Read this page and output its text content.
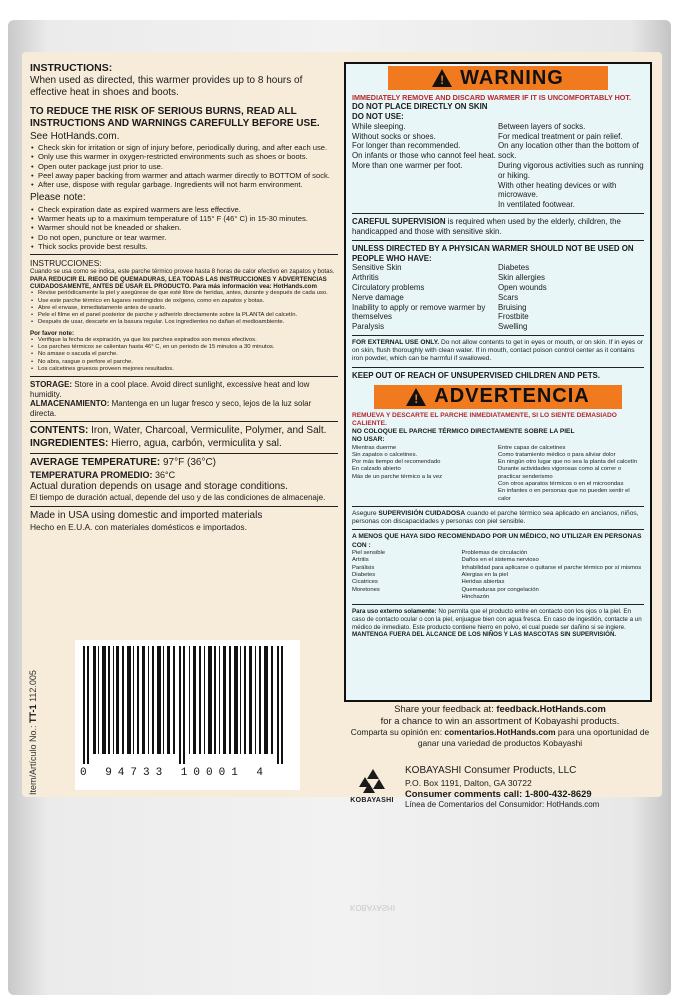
INSTRUCTIONS:

When used as directed, this warmer provides up to 8 hours of effective heat in shoes and boots.

TO REDUCE THE RISK OF SERIOUS BURNS, READ ALL INSTRUCTIONS AND WARNINGS CAREFULLY BEFORE USE. See HotHands.com.

• Check skin for irritation or sign of injury before, periodically during, and after each use.
• Only use this warmer in oxygen-restricted environments such as shoes or boots.
• Open outer package just prior to use.
• Peel away paper backing from warmer and attach warmer directly to BOTTOM of sock.
• After use, dispose with regular garbage. Ingredients will not harm environment.

Please note:

• Check expiration date as expired warmers are less effective.
• Warmer heats up to a maximum temperature of 115° F (46° C) in 15-30 minutes.
• Warmer should not be kneaded or shaken.
• Do not open, puncture or tear warmer.
• Thick socks provide best results.

INSTRUCCIONES:

Cuando se usa como se indica, este parche térmico provee hasta 8 horas de calor efectivo en zapatos y botas.

PARA REDUCIR EL RIEGO DE QUEMADURAS, LEA TODAS LAS INSTRUCCIONES Y ADVERTENCIAS CUIDADOSAMENTE, ANTES DE USAR EL PRODUCTO. Para más información vea: HotHands.com

• Revise periódicamente la piel y asegúrese de que esté libre de heridas, antes, durante y después de cada uso.
• Use este parche térmico en lugares restringidos de oxígeno, como en zapatos y botas.
• Abre el envase, inmediatamente antes de usarlo.
• Pele el filme en el panel posterior de parche y adherirlo directamente sobre la PLANTA del calcetín.
• Después de usar, descarte en la basura regular. Los ingredientes no dañan el medioambiente.

Por favor note:

• Verifique la fecha de expiración, ya que los parches expirados son menos efectivos.
• Los parches térmicos se calientan hasta 46° C, en un periodo de 15 minutos a 30 minutos.
• No amase o sacuda el parche.
• No abra, rasgue o perfore el parche.
• Los calcetines gruesos proveen mejores resultados.

STORAGE: Store in a cool place. Avoid direct sunlight, excessive heat and low humidity.

ALMACENAMIENTO: Mantenga en un lugar fresco y seco, lejos de la luz solar directa.

CONTENTS: Iron, Water, Charcoal, Vermiculite, Polymer, and Salt.

INGREDIENTES: Hierro, agua, carbón, vermiculita y sal.

AVERAGE TEMPERATURE: 97°F (36°C)

TEMPERATURA PROMEDIO: 36°C

Actual duration depends on usage and storage conditions.

El tiempo de duración actual, depende del uso y de las condiciones de almacenaje.

Made in USA using domestic and imported materials

Hecho en E.U.A. con materiales domésticos e importados.

0 94733 10001 4
Item/Artículo No.: TT-1 112.005
!
WARNING
IMMEDIATELY REMOVE AND DISCARD WARMER IF IT IS UNCOMFORTABLY HOT.
DO NOT PLACE DIRECTLY ON SKIN
DO NOT USE:
While sleeping.
Without socks or shoes.
For longer than recommended.
On infants or those who cannot feel heat.
More than one warmer per foot.
Between layers of socks.
For medical treatment or pain relief.
On any location other than the bottom of sock.
During vigorous activities such as running or hiking.
With other heating devices or with microwave.
In ventilated footwear.
CAREFUL SUPERVISION is required when used by the elderly, children, the handicapped and those with sensitive skin.
UNLESS DIRECTED BY A PHYSICAN WARMER SHOULD NOT BE USED ON PEOPLE WHO HAVE:
Sensitive Skin
Arthritis
Circulatory problems
Nerve damage
Inability to apply or remove warmer by themselves
Paralysis
Diabetes
Skin allergies
Open wounds
Scars
Bruising
Frostbite
Swelling
FOR EXTERNAL USE ONLY. Do not allow contents to get in eyes or mouth, or on skin. If in eyes or on skin, flush thoroughly with clean water. If in mouth, contact poison control center as it contains iron powder, which can be harmful if swallowed.
KEEP OUT OF REACH OF UNSUPERVISED CHILDREN AND PETS.
!
ADVERTENCIA
REMUEVA Y DESCARTE EL PARCHE INMEDIATAMENTE, SI LO SIENTE DEMASIADO CALIENTE.
NO COLOQUE EL PARCHE TÉRMICO DIRECTAMENTE SOBRE LA PIEL
NO USAR:
Mientras duerme
Sin zapatos o calcetines.
Por más tiempo del recomendado
En calzado abierto
Más de un parche térmico a la vez
Entre capas de calcetines
Como tratamiento médico o para aliviar dolor
En ningún otro lugar que no sea la planta del calcetín
Durante actividades vigorosas como al correr o practicar senderismo
Con otros aparatos térmicos o en el microondas
En infantes o en personas que no pueden sentir el calor
Asegure SUPERVISIÓN CUIDADOSA cuando el parche térmico sea aplicado en ancianos, niños, personas con discapacidades y personas con piel sensible.
A MENOS QUE HAYA SIDO RECOMENDADO POR UN MÉDICO, NO UTILIZAR EN PERSONAS CON :
Piel sensible
Artritis
Parálisis
Diabetes
Cicatrices
Moretones
Problemas de circulación
Daños en el sistema nervioso
Inhabilidad para aplicarse o quitarse el parche térmico por sí mismos
Alergias en la piel
Heridas abiertas
Quemaduras por congelación
Hinchazón
Para uso externo solamente: No permita que el producto entre en contacto con los ojos o la piel. En caso de contacto ocular o con la piel, enjuague bien con agua fresca. En caso de ingestión, contacte a un médico de inmediato. Este producto contiene hierro en polvo, el cual puede ser dañino si se ingiere.
MANTENGA FUERA DEL ALCANCE DE LOS NIÑOS Y LAS MASCOTAS SIN SUPERVISIÓN.
Share your feedback at: feedback.HotHands.com
for a chance to win an assortment of Kobayashi products.
Comparta su opinión en: comentarios.HotHands.com para una oportunidad de ganar una variedad de productos Kobayashi
KOBAYASHI
KOBAYASHI Consumer Products, LLC
P.O. Box 1191, Dalton, GA 30722
Consumer comments call: 1-800-432-8629
Línea de Comentarios del Consumidor: HotHands.com
KOBAYASHI
